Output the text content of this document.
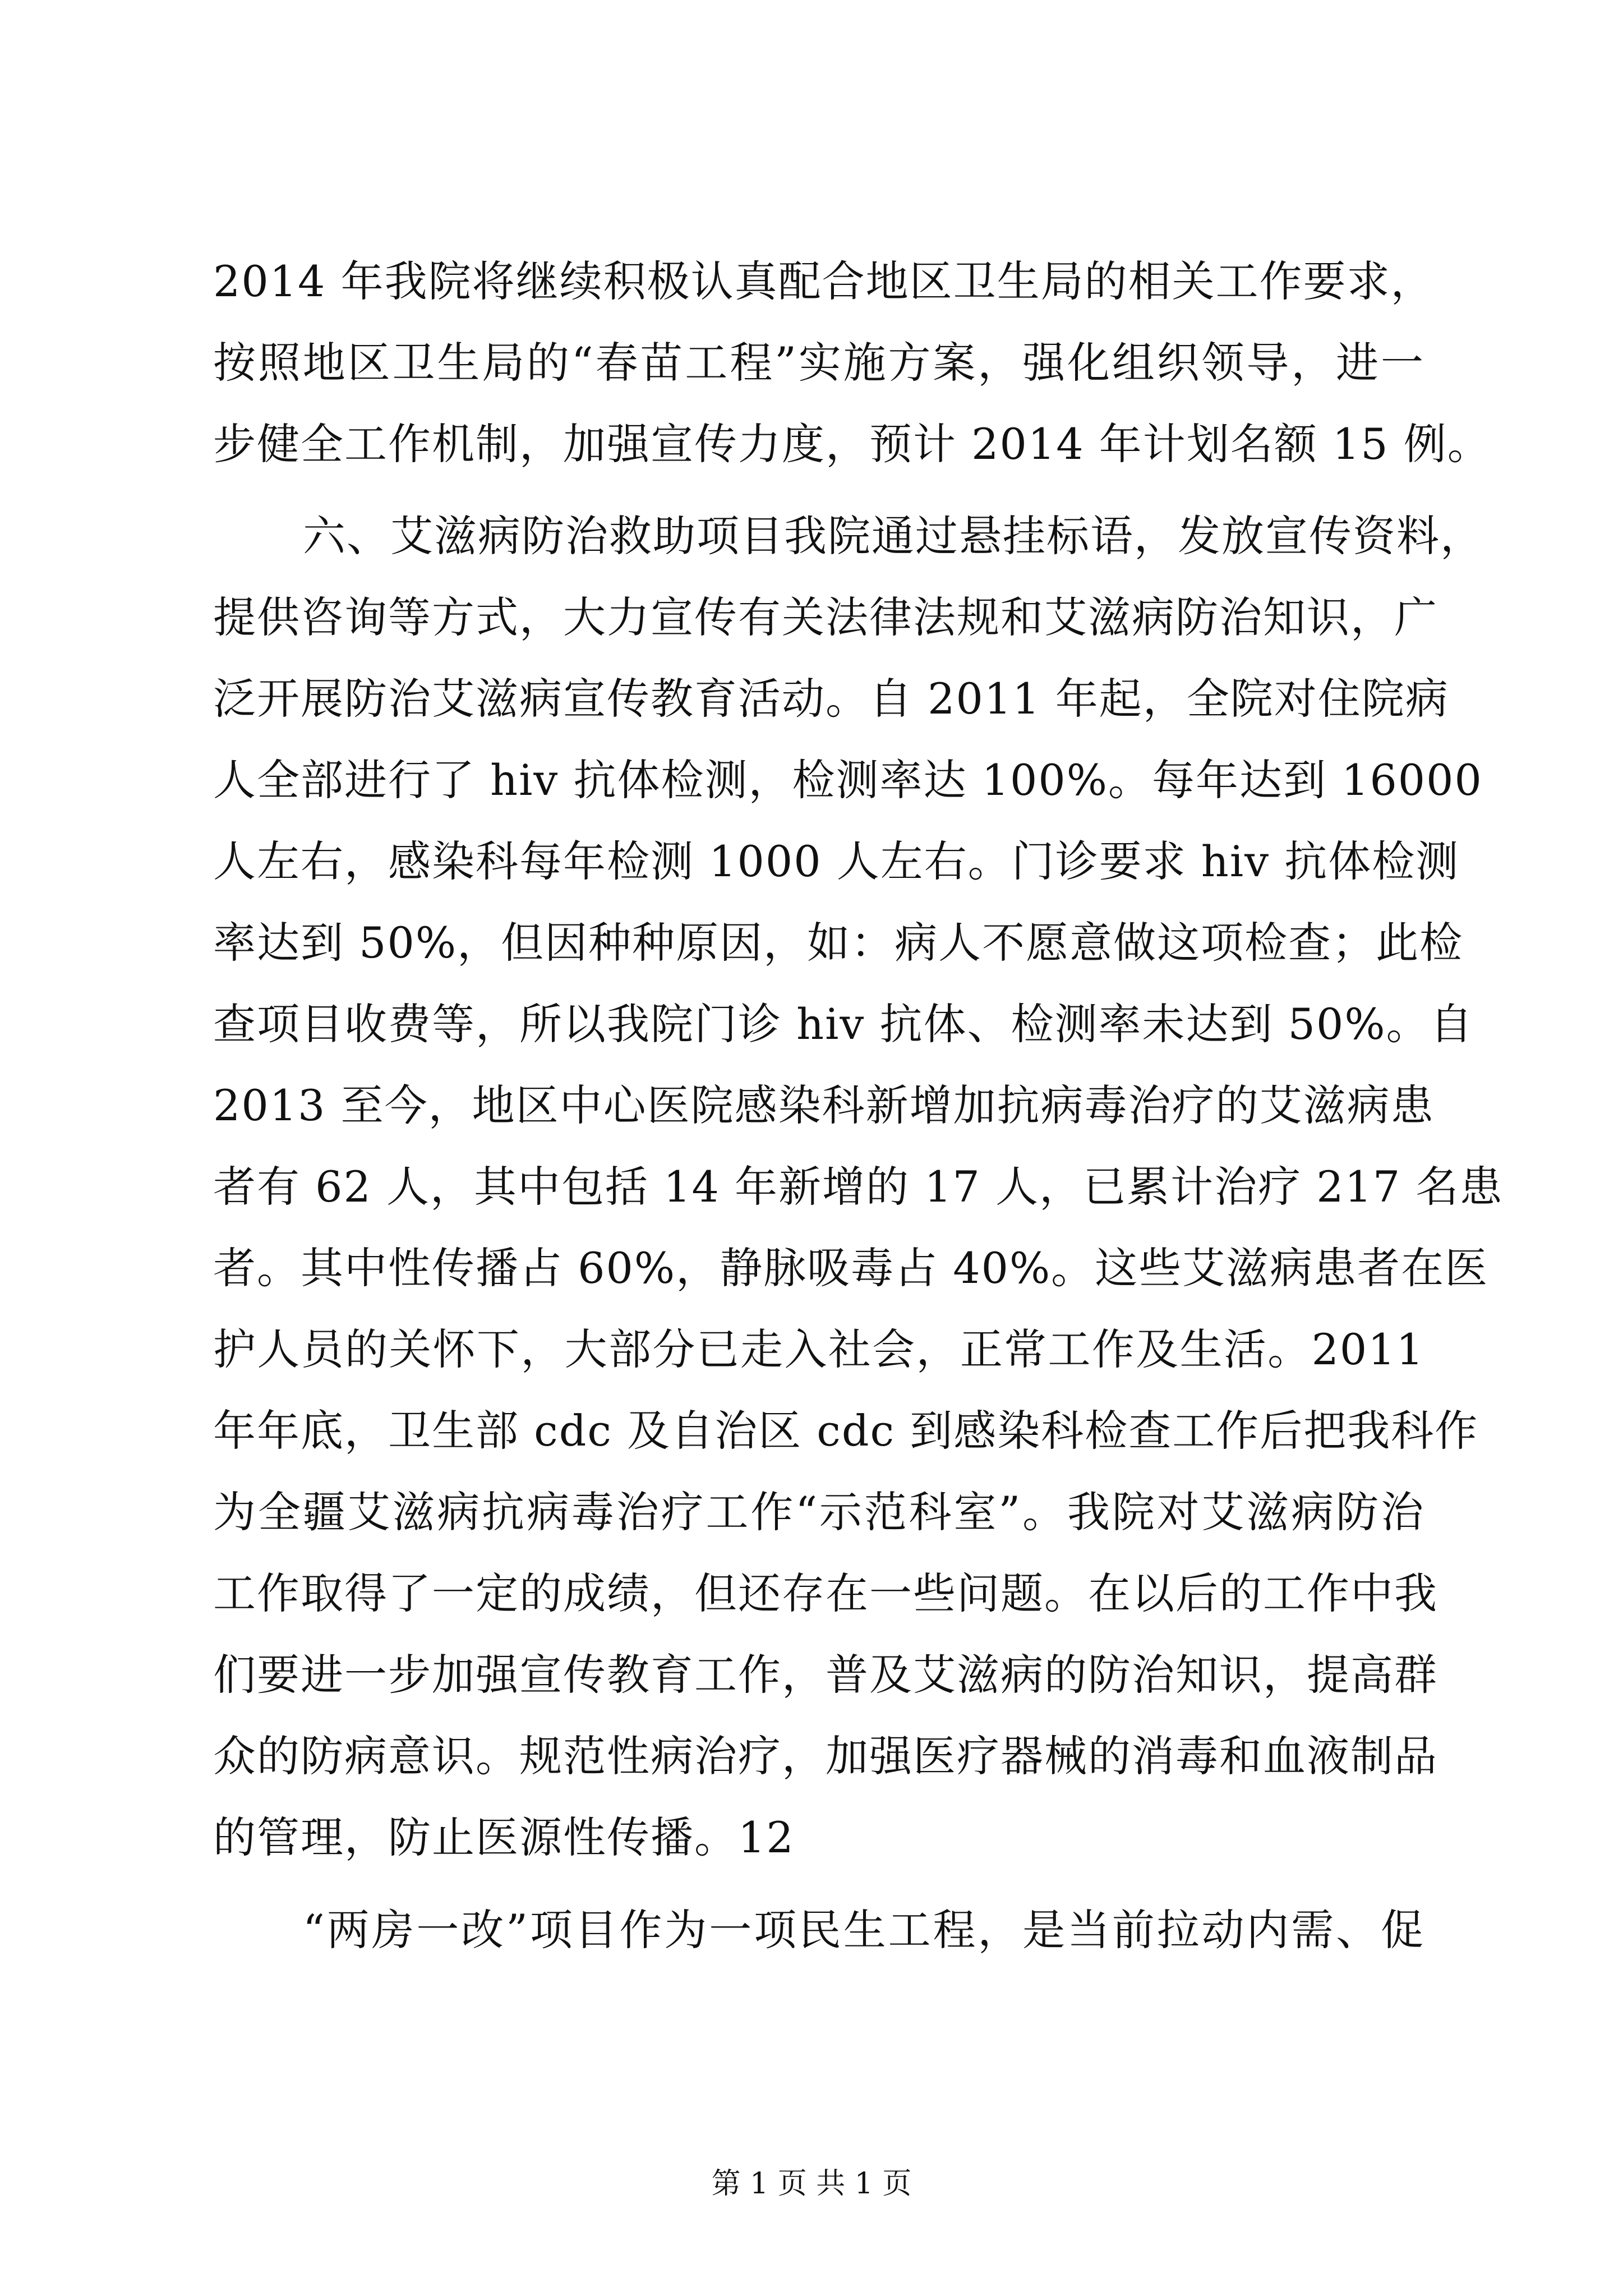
2014 年我院将继续积极认真配合地区卫生局的相关工作要求，
按照地区卫生局的“春苗工程”实施方案，强化组织领导，进一
步健全工作机制，加强宣传力度，预计 2014 年计划名额 15 例。
六、艾滋病防治救助项目我院通过悬挂标语，发放宣传资料，
提供咨询等方式，大力宣传有关法律法规和艾滋病防治知识，广
泛开展防治艾滋病宣传教育活动。自 2011 年起，全院对住院病
人全部进行了 hiv 抗体检测，检测率达 100%。每年达到 16000
人左右，感染科每年检测 1000 人左右。门诊要求 hiv 抗体检测
率达到 50%，但因种种原因，如：病人不愿意做这项检查；此检
查项目收费等，所以我院门诊 hiv 抗体、检测率未达到 50%。自
2013 至今，地区中心医院感染科新增加抗病毒治疗的艾滋病患
者有 62 人，其中包括 14 年新增的 17 人，已累计治疗 217 名患
者。其中性传播占 60%，静脉吸毒占 40%。这些艾滋病患者在医
护人员的关怀下，大部分已走入社会，正常工作及生活。2011
年年底，卫生部 cdc 及自治区 cdc 到感染科检查工作后把我科作
为全疆艾滋病抗病毒治疗工作“示范科室”。我院对艾滋病防治
工作取得了一定的成绩，但还存在一些问题。在以后的工作中我
们要进一步加强宣传教育工作，普及艾滋病的防治知识，提高群
众的防病意识。规范性病治疗，加强医疗器械的消毒和血液制品
的管理，防止医源性传播。12
“两房一改”项目作为一项民生工程，是当前拉动内需、促
第 1 页 共 1 页
